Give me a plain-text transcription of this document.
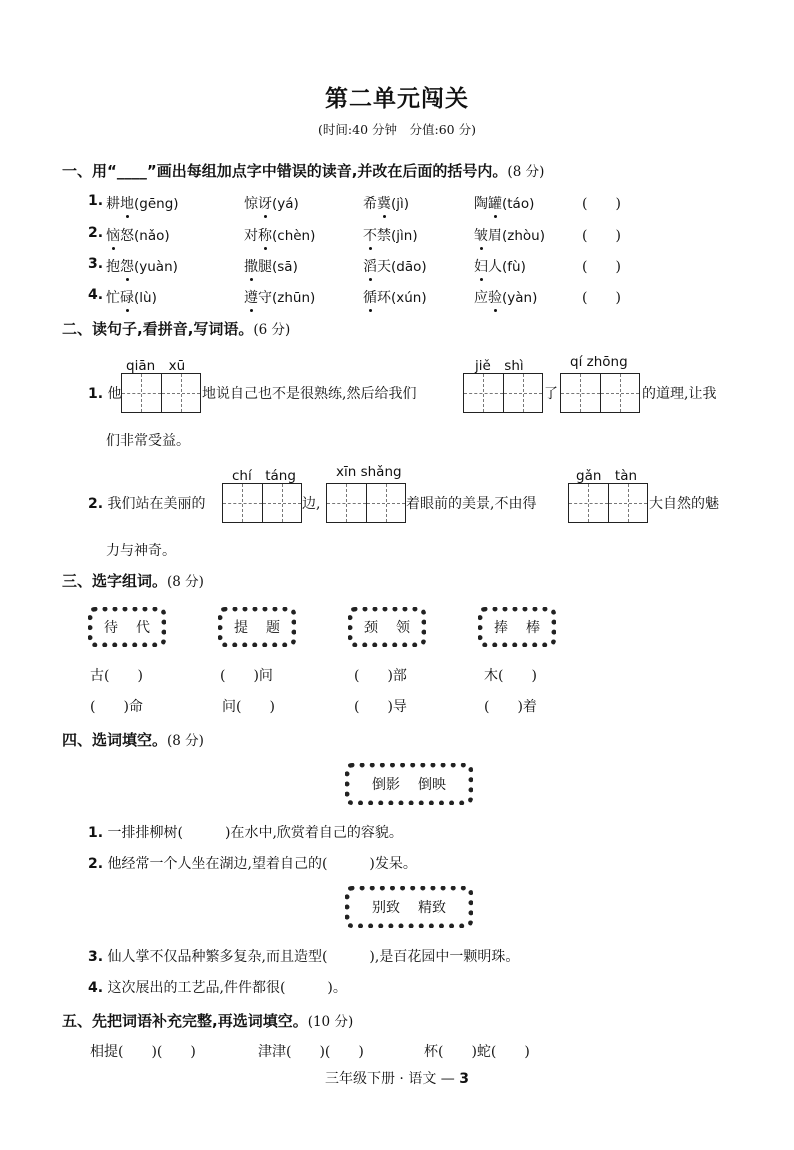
第二单元闯关
(时间:40 分钟　分值:60 分)
一、用“____”画出每组加点字中错误的读音,并改在后面的括号内。(8 分)
1. 耕地(gēng)	惊讶(yá)	希冀(jì)	陶罐(táo)	(　　)
2. 恼怒(nǎo)	对称(chèn)	不禁(jìn)	皱眉(zhòu)	(　　)
3. 抱怨(yuàn)	撒腿(sā)	滔天(dāo)	妇人(fù)	(　　)
4. 忙碌(lù)	遵守(zhūn)	循环(xún)	应验(yàn)	(　　)
二、读句子,看拼音,写词语。(6 分)
qiān　xū	jiě　shì	qí zhōng
1. 他	地说自己也不是很熟练,然后给我们	了	的道理,让我
们非常受益。
chí　táng	xīn shǎng	gǎn　tàn
2. 我们站在美丽的	边,	着眼前的美景,不由得	大自然的魅
力与神奇。
三、选字组词。(8 分)
待 代	提 题	颈 领	捧 棒
古(　　)	(　　)问	(　　)部	木(　　)
(　　)命	问(　　)	(　　)导	(　　)着
四、选词填空。(8 分)
倒影 倒映
1. 一排排柳树(　　　)在水中,欣赏着自己的容貌。
2. 他经常一个人坐在湖边,望着自己的(　　　)发呆。
别致 精致
3. 仙人掌不仅品种繁多复杂,而且造型(　　　),是百花园中一颗明珠。
4. 这次展出的工艺品,件件都很(　　　)。
五、先把词语补充完整,再选词填空。(10 分)
相提(　　)(　　)	津津(　　)(　　)	杯(　　)蛇(　　)
三年级下册 · 语文 — 3
